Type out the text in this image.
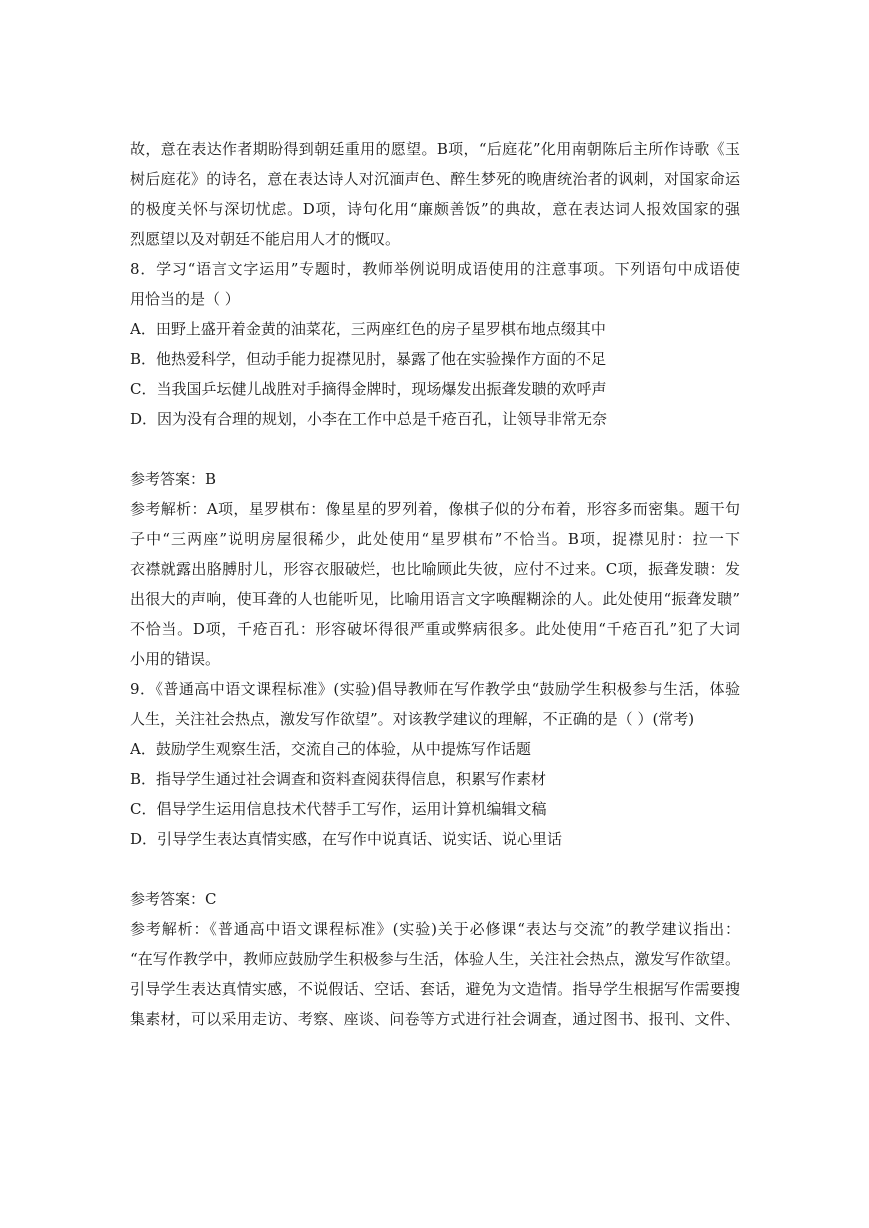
故，意在表达作者期盼得到朝廷重用的愿望。B项，“后庭花”化用南朝陈后主所作诗歌《玉
树后庭花》的诗名，意在表达诗人对沉湎声色、醉生梦死的晚唐统治者的讽刺，对国家命运
的极度关怀与深切忧虑。D项，诗句化用“廉颇善饭”的典故，意在表达词人报效国家的强
烈愿望以及对朝廷不能启用人才的慨叹。
8．学习“语言文字运用”专题时，教师举例说明成语使用的注意事项。下列语句中成语使
用恰当的是（ ）
A．田野上盛开着金黄的油菜花，三两座红色的房子星罗棋布地点缀其中
B．他热爱科学，但动手能力捉襟见肘，暴露了他在实验操作方面的不足
C．当我国乒坛健儿战胜对手摘得金牌时，现场爆发出振聋发聩的欢呼声
D．因为没有合理的规划，小李在工作中总是千疮百孔，让领导非常无奈
参考答案：B
参考解析：A项，星罗棋布：像星星的罗列着，像棋子似的分布着，形容多而密集。题干句
子中“三两座”说明房屋很稀少，此处使用“星罗棋布”不恰当。B项，捉襟见肘：拉一下
衣襟就露出胳膊肘儿，形容衣服破烂，也比喻顾此失彼，应付不过来。C项，振聋发聩：发
出很大的声响，使耳聋的人也能听见，比喻用语言文字唤醒糊涂的人。此处使用“振聋发聩”
不恰当。D项，千疮百孔：形容破坏得很严重或弊病很多。此处使用“千疮百孔”犯了大词
小用的错误。
9．《普通高中语文课程标准》(实验)倡导教师在写作教学虫“鼓励学生积极参与生活，体验
人生，关注社会热点，激发写作欲望”。对该教学建议的理解，不正确的是（ ）(常考)
A．鼓励学生观察生活，交流自己的体验，从中提炼写作话题
B．指导学生通过社会调查和资料查阅获得信息，积累写作素材
C．倡导学生运用信息技术代替手工写作，运用计算机编辑文稿
D．引导学生表达真情实感，在写作中说真话、说实话、说心里话
参考答案：C
参考解析：《普通高中语文课程标准》(实验)关于必修课“表达与交流”的教学建议指出：
“在写作教学中，教师应鼓励学生积极参与生活，体验人生，关注社会热点，激发写作欲望。
引导学生表达真情实感，不说假话、空话、套话，避免为文造情。指导学生根据写作需要搜
集素材，可以采用走访、考察、座谈、问卷等方式进行社会调查，通过图书、报刊、文件、
